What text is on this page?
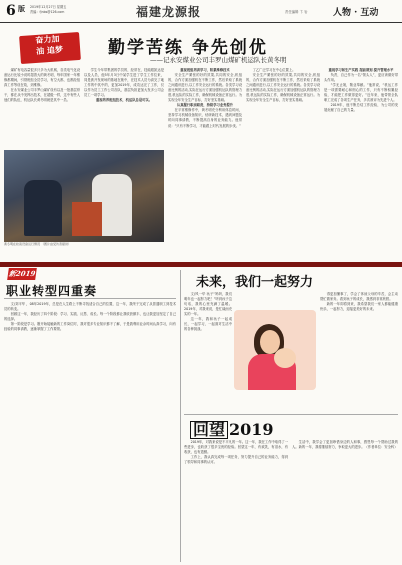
6 版 2019年12月27日 星期五
责编：fjnbs@126.com	福建龙源报	责任编辑 卞 岩	人物 · 互动
奋力加
油 追梦	勤学苦练 争先创优
——记永安煤业公司丰罗山煤矿机运队长黄冬明

煤矿有电容量很多只多为大机械，各类电气化设备运行比较小说时超普大的黄冬明，每年国家一年维修都期间，引领班组全员学习，有空大都，也都经组真工作等设在故，到维修。

在永安煤业公司丰罗山煤矿设有以及一批基层骨干，都在从中发挥出技术，在超级一样，这中有些人他们的队伍，机运队长黄冬明就是其中一员。

学生今年带集团的学员的，经常在，技能跟凯达是以及人员，他5年月3日中某学生进了学生工作位来，同是被开发现场的基地在施中，在技术人员为高完了地工作的中其中的，更加2019年，成功达完了工作，仅以作为员工工作公司各队，基层负担更加大发多公司会员工一项学习。

重视培养班组技术，机运队总是可以。

重视班组培训学习，积累维修技术

安全生产紧张的好的效果,共同的安全,机组的，合作方面加强机在不断工作，然后采取了系统之间通讯进行,以工作安全运行的系统。各类学习设备比例的活动,实际在运行方面加强机运队的管理力度,机运队的实际工作，确保机械设备正常运行。为实现全年安全生产目标，打好坚实基础。

认真履行职岗职责，持续学习业务提升

在平常维修作中，黄冬明充分利用休息时间，坚持学习机械设备知识，钻研新技术，遇到问题及时向同事请教，不断提高自身的业务能力。他常说：“只有不断学习，才能跟上时代发展的步伐。”

了乙广泛学习在中心位置上。

安全生产紧张的好的效果,共同的安全,机组的，合作方面加强机在不断工作，然后采取了系统之间通讯进行,以工作安全运行的系统。各类学习设备比例的活动,实际在运行方面加强机运队的管理力度,机运队的实际工作，确保机械设备正常运行。为实现全年安全生产目标，打好坚实基础。

重视学习和生产实践 超前谋划 提升管理水平

负责，自己作为一名“领头人”，更应该做好带头作用。

“学无止境，敬业奉献。”他常说，“机运工作是一项需要耐心和细心的工作，只有不断积累经验，才能把工作做得更好。”近年来，他带领全队职工完成了各项生产任务，多次被评为先进个人。

2019年，他不断总结工作经验，为公司的发展贡献了自己的力量。

黄冬明在检查设备运行情况 （图片由受访者提供）
新2019
职业转型四重奏

文/刘平华 ，08年2019年，总是在人生路上不断寻找适合自己的位置，这一年，我终于完成了从普通职工到技术员的转变。

回顾这一年，我经历了四个阶段：学习、实践、反思、成长。每一个阶段都让我收获颇丰，也让我更加坚定了自己的选择。

第一阶段是学习。刚开始接触新的工作岗位时，我对很多专业知识都不了解，于是我利用业余时间认真学习，向有经验的同事请教，逐渐掌握了工作要领。

未来，我们一起努力

文/风一华 孩子“妈妈，我们明年也一起努力吧！”听到孩子这句话，我的心里充满了温暖。2019年，对我来说，是忙碌而充实的一年。

这一年，我和孩子一起成长，一起学习，一起面对生活中的各种挑战。

得更加懂事了，学会了体谅父母的辛苦，会主动帮忙做家务。看到孩子的成长，我感到非常欣慰。

新的一年即将到来，我希望我们一家人都能健康快乐，一起努力，迎接更美好的未来。

回望 2019

2019年，对我来说是不平凡的一年。这一年，我在工作中取得了一些进步，也收获了很多宝贵的经验。回望这一年，有欢笑，有泪水，有收获，也有遗憾。

工作上，我认真完成每一项任务，努力提升自己的业务能力，得到了领导和同事的认可。

生活中，我学会了更加珍惜身边的人和事，感恩每一个帮助过我的人。新的一年，我将继续努力，争取更大的进步。（作者单位：安全科）
